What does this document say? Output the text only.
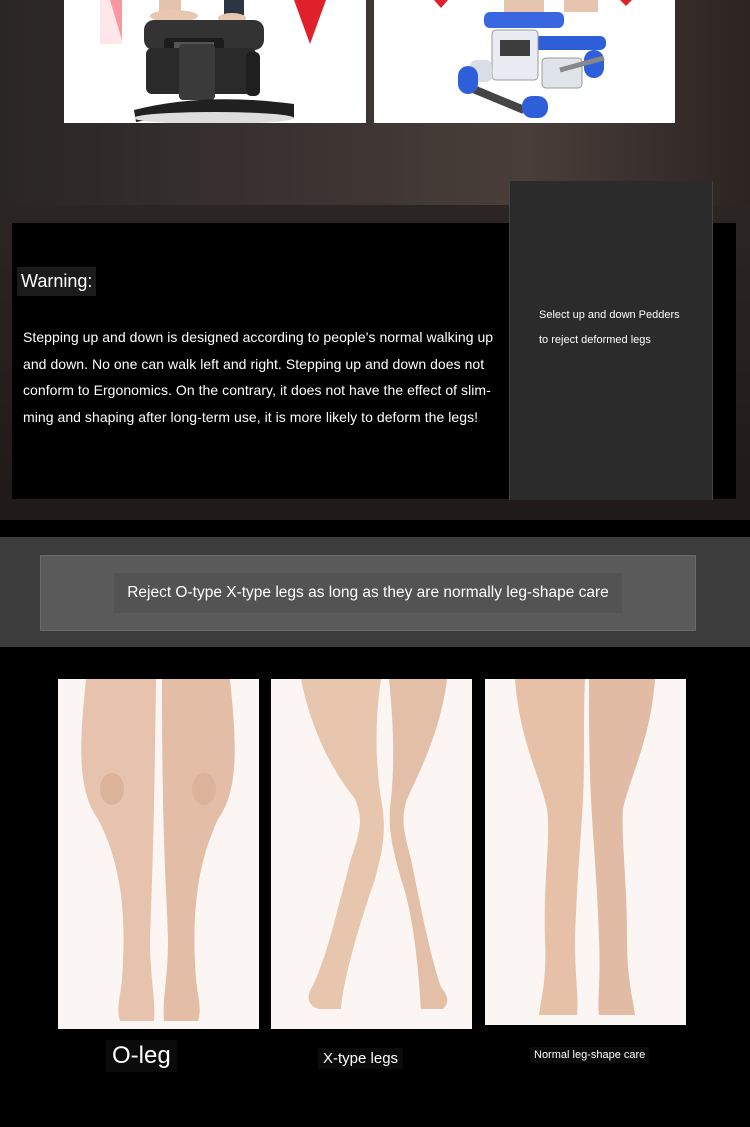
Warning:
Stepping up and down is designed according to people's normal walking up
and down. No one can walk left and right. Stepping up and down does not
conform to Ergonomics. On the contrary, it does not have the effect of slim-
ming and shaping after long-term use, it is more likely to deform the legs!
Select up and down Pedders
to reject deformed legs
Reject O-type X-type legs as long as they are normally leg-shape care
O-leg	X-type legs	Normal leg-shape care
